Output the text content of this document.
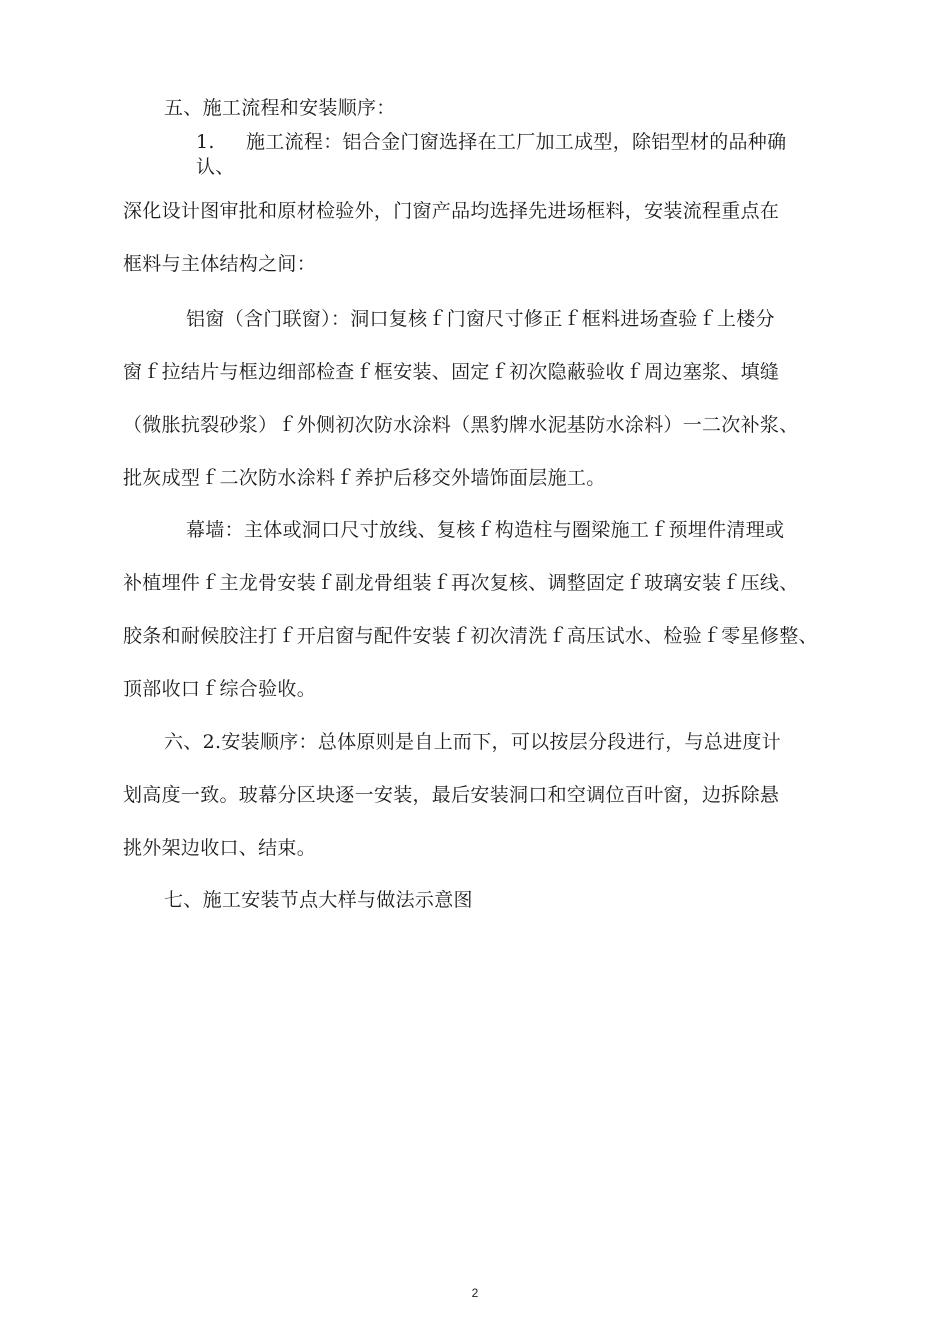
五、施工流程和安装顺序：
1. 施工流程：铝合金门窗选择在工厂加工成型，除铝型材的品种确
认、
深化设计图审批和原材检验外，门窗产品均选择先进场框料，安装流程重点在
框料与主体结构之间：
铝窗（含门联窗）：洞口复核ｆ门窗尺寸修正ｆ框料进场查验ｆ上楼分
窗ｆ拉结片与框边细部检查ｆ框安装、固定ｆ初次隐蔽验收ｆ周边塞浆、填缝
（微胀抗裂砂浆）ｆ外侧初次防水涂料（黑豹牌水泥基防水涂料）一二次补浆、
批灰成型ｆ二次防水涂料ｆ养护后移交外墙饰面层施工。
幕墙：主体或洞口尺寸放线、复核ｆ构造柱与圈梁施工ｆ预埋件清理或
补植埋件ｆ主龙骨安装ｆ副龙骨组装ｆ再次复核、调整固定ｆ玻璃安装ｆ压线、
胶条和耐候胶注打ｆ开启窗与配件安装ｆ初次清洗ｆ高压试水、检验ｆ零星修整、
顶部收口ｆ综合验收。
六、2.安装顺序：总体原则是自上而下，可以按层分段进行，与总进度计
划高度一致。玻幕分区块逐一安装，最后安装洞口和空调位百叶窗，边拆除悬
挑外架边收口、结束。
七、施工安装节点大样与做法示意图
2
